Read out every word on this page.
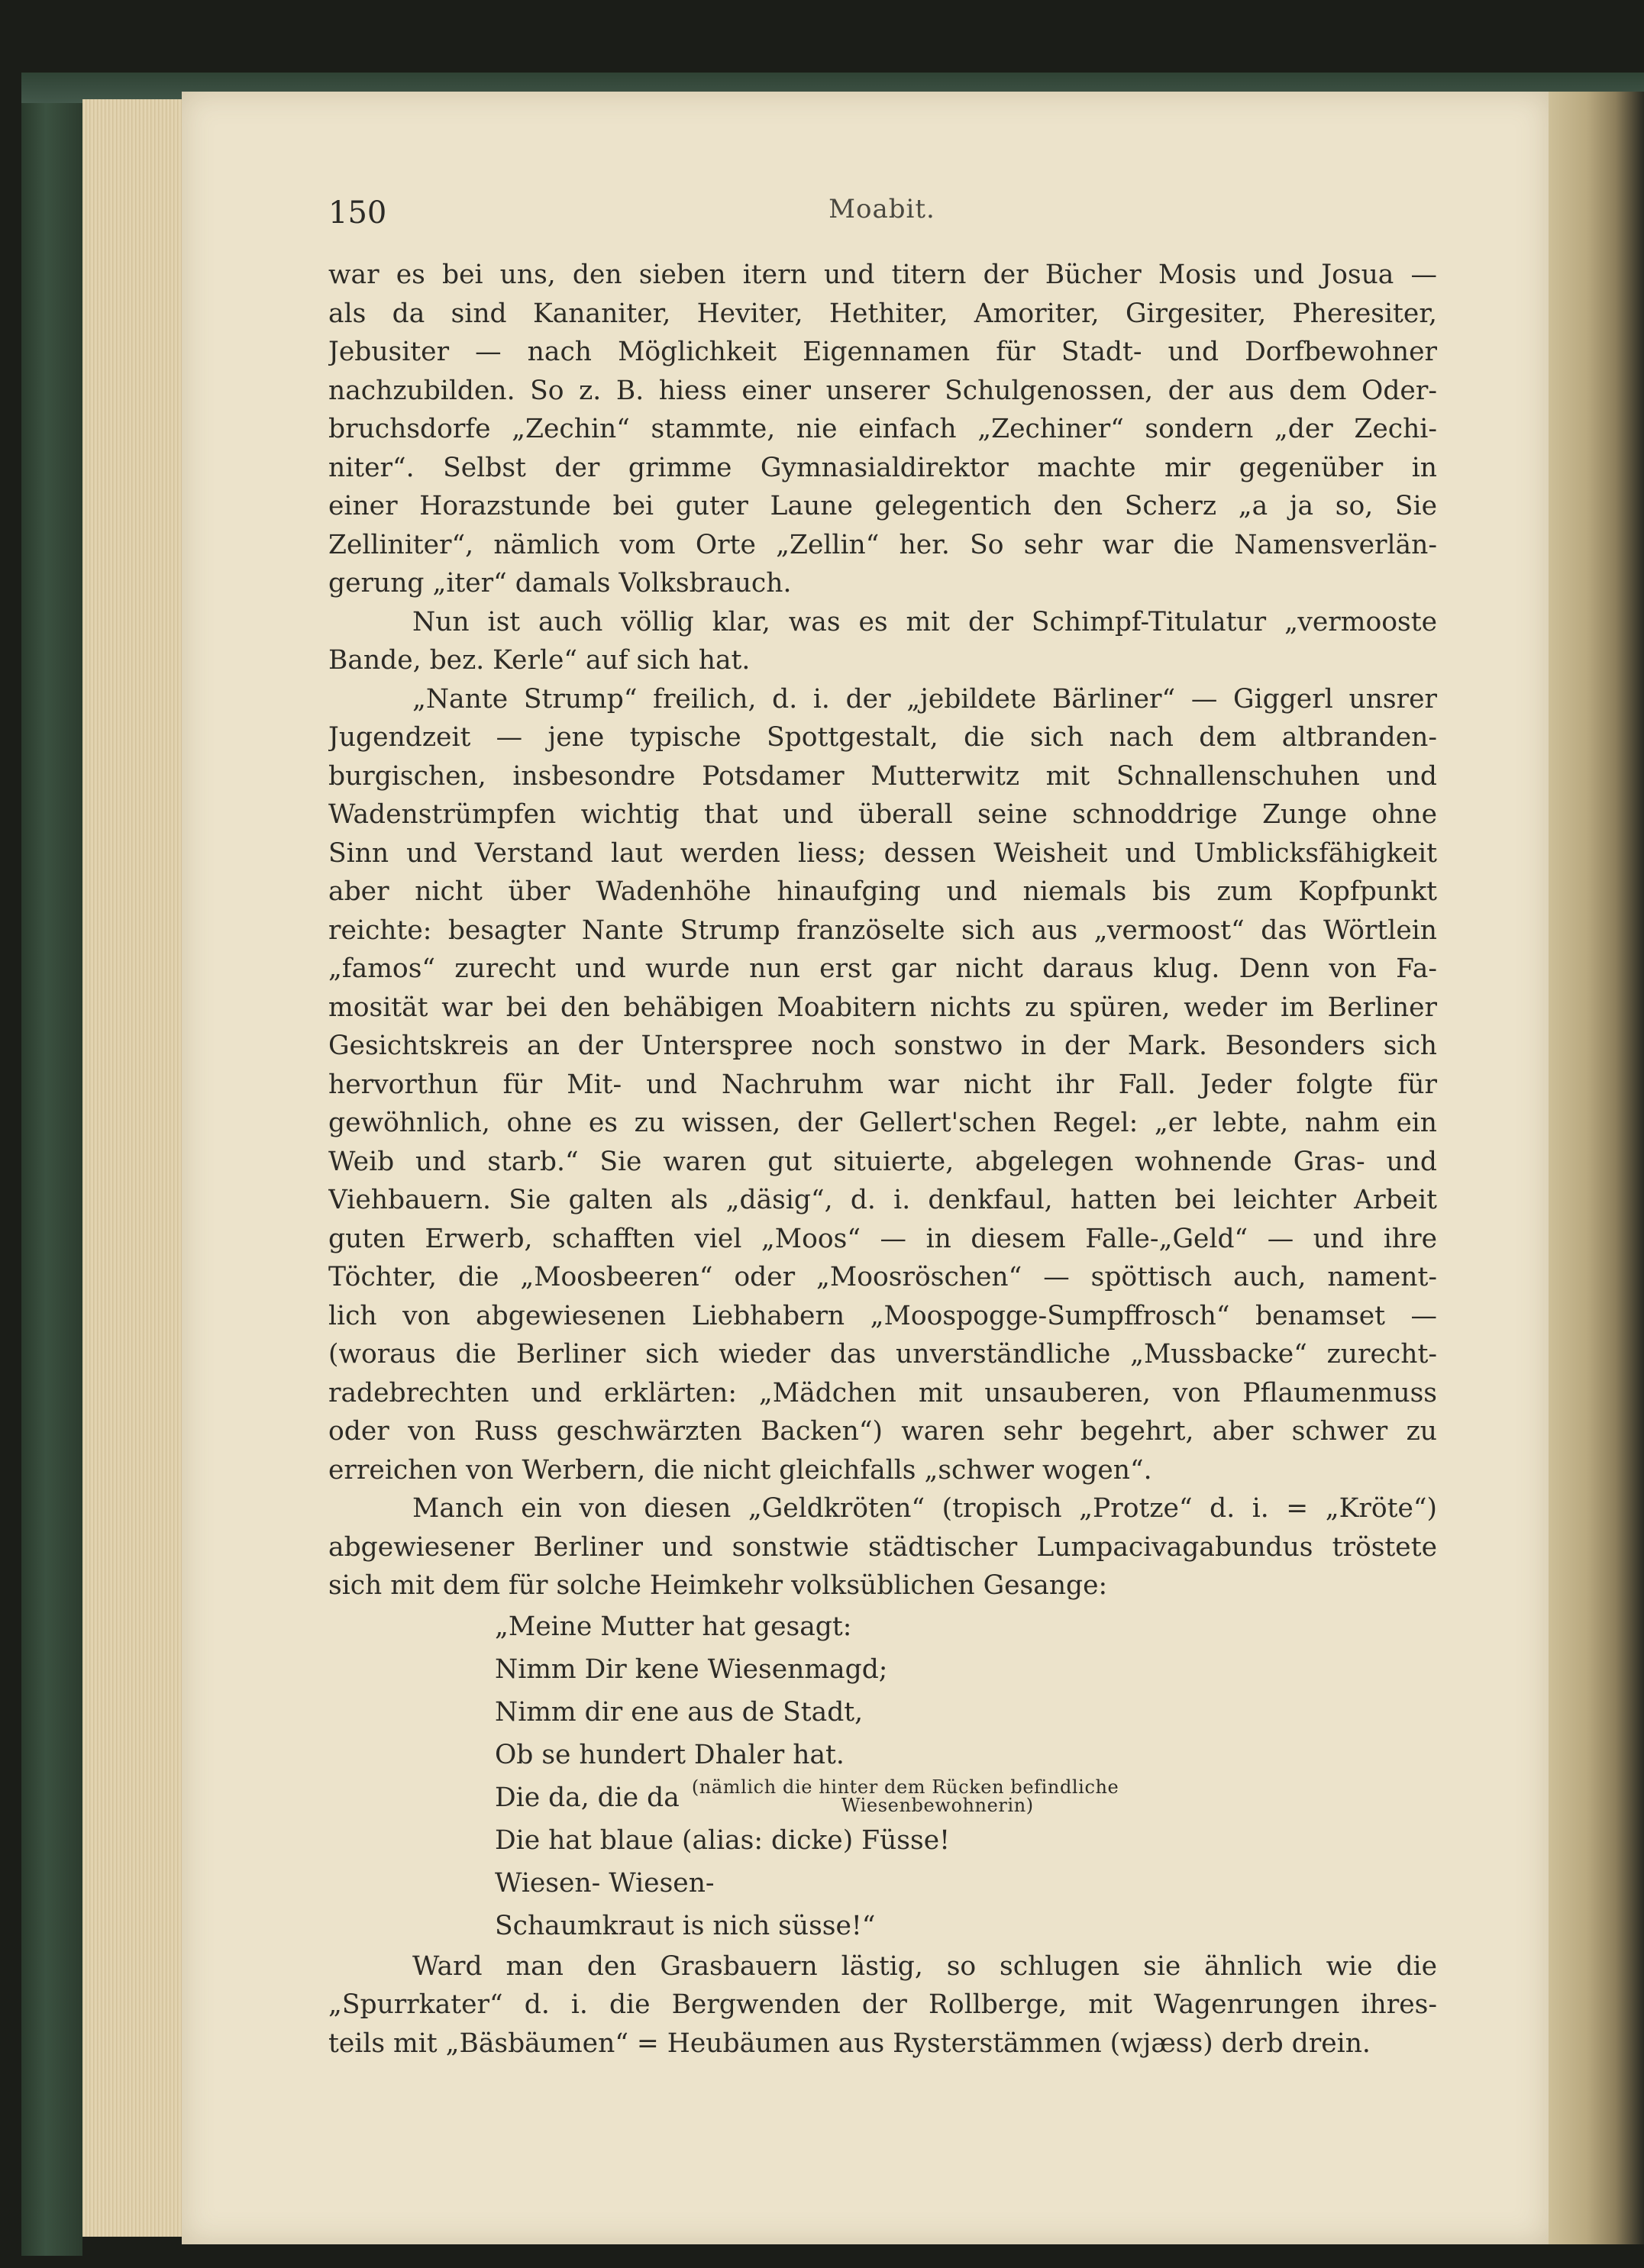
150	Moabit.
war es bei uns, den sieben itern und titern der Bücher Mosis und Josua —
als da sind Kananiter, Heviter, Hethiter, Amoriter, Girgesiter, Pheresiter,
Jebusiter — nach Möglichkeit Eigennamen für Stadt- und Dorfbewohner
nachzubilden. So z. B. hiess einer unserer Schulgenossen, der aus dem Oder-
bruchsdorfe „Zechin“ stammte, nie einfach „Zechiner“ sondern „der Zechi-
niter“. Selbst der grimme Gymnasialdirektor machte mir gegenüber in
einer Horazstunde bei guter Laune gelegentich den Scherz „a ja so, Sie
Zelliniter“, nämlich vom Orte „Zellin“ her. So sehr war die Namensverlän-
gerung „iter“ damals Volksbrauch.
Nun ist auch völlig klar, was es mit der Schimpf-Titulatur „vermooste
Bande, bez. Kerle“ auf sich hat.
„Nante Strump“ freilich, d. i. der „jebildete Bärliner“ — Giggerl unsrer
Jugendzeit — jene typische Spottgestalt, die sich nach dem altbranden-
burgischen, insbesondre Potsdamer Mutterwitz mit Schnallenschuhen und
Wadenstrümpfen wichtig that und überall seine schnoddrige Zunge ohne
Sinn und Verstand laut werden liess; dessen Weisheit und Umblicksfähigkeit
aber nicht über Wadenhöhe hinaufging und niemals bis zum Kopfpunkt
reichte: besagter Nante Strump französelte sich aus „vermoost“ das Wörtlein
„famos“ zurecht und wurde nun erst gar nicht daraus klug. Denn von Fa-
mosität war bei den behäbigen Moabitern nichts zu spüren, weder im Berliner
Gesichtskreis an der Unterspree noch sonstwo in der Mark. Besonders sich
hervorthun für Mit- und Nachruhm war nicht ihr Fall. Jeder folgte für
gewöhnlich, ohne es zu wissen, der Gellert'schen Regel: „er lebte, nahm ein
Weib und starb.“ Sie waren gut situierte, abgelegen wohnende Gras- und
Viehbauern. Sie galten als „däsig“, d. i. denkfaul, hatten bei leichter Arbeit
guten Erwerb, schafften viel „Moos“ — in diesem Falle-„Geld“ — und ihre
Töchter, die „Moosbeeren“ oder „Moosröschen“ — spöttisch auch, nament-
lich von abgewiesenen Liebhabern „Moospogge-Sumpffrosch“ benamset —
(woraus die Berliner sich wieder das unverständliche „Mussbacke“ zurecht-
radebrechten und erklärten: „Mädchen mit unsauberen, von Pflaumenmuss
oder von Russ geschwärzten Backen“) waren sehr begehrt, aber schwer zu
erreichen von Werbern, die nicht gleichfalls „schwer wogen“.
Manch ein von diesen „Geldkröten“ (tropisch „Protze“ d. i. = „Kröte“)
abgewiesener Berliner und sonstwie städtischer Lumpacivagabundus tröstete
sich mit dem für solche Heimkehr volksüblichen Gesange:
„Meine Mutter hat gesagt:
Nimm Dir kene Wiesenmagd;
Nimm dir ene aus de Stadt,
Ob se hundert Dhaler hat.
Die da, die da (nämlich die hinter dem Rücken befindliche
Wiesenbewohnerin)
Die hat blaue (alias: dicke) Füsse!
Wiesen- Wiesen-
Schaumkraut is nich süsse!“
Ward man den Grasbauern lästig, so schlugen sie ähnlich wie die
„Spurrkater“ d. i. die Bergwenden der Rollberge, mit Wagenrungen ihres-
teils mit „Bäsbäumen“ = Heubäumen aus Rysterstämmen (wjæss) derb drein.
